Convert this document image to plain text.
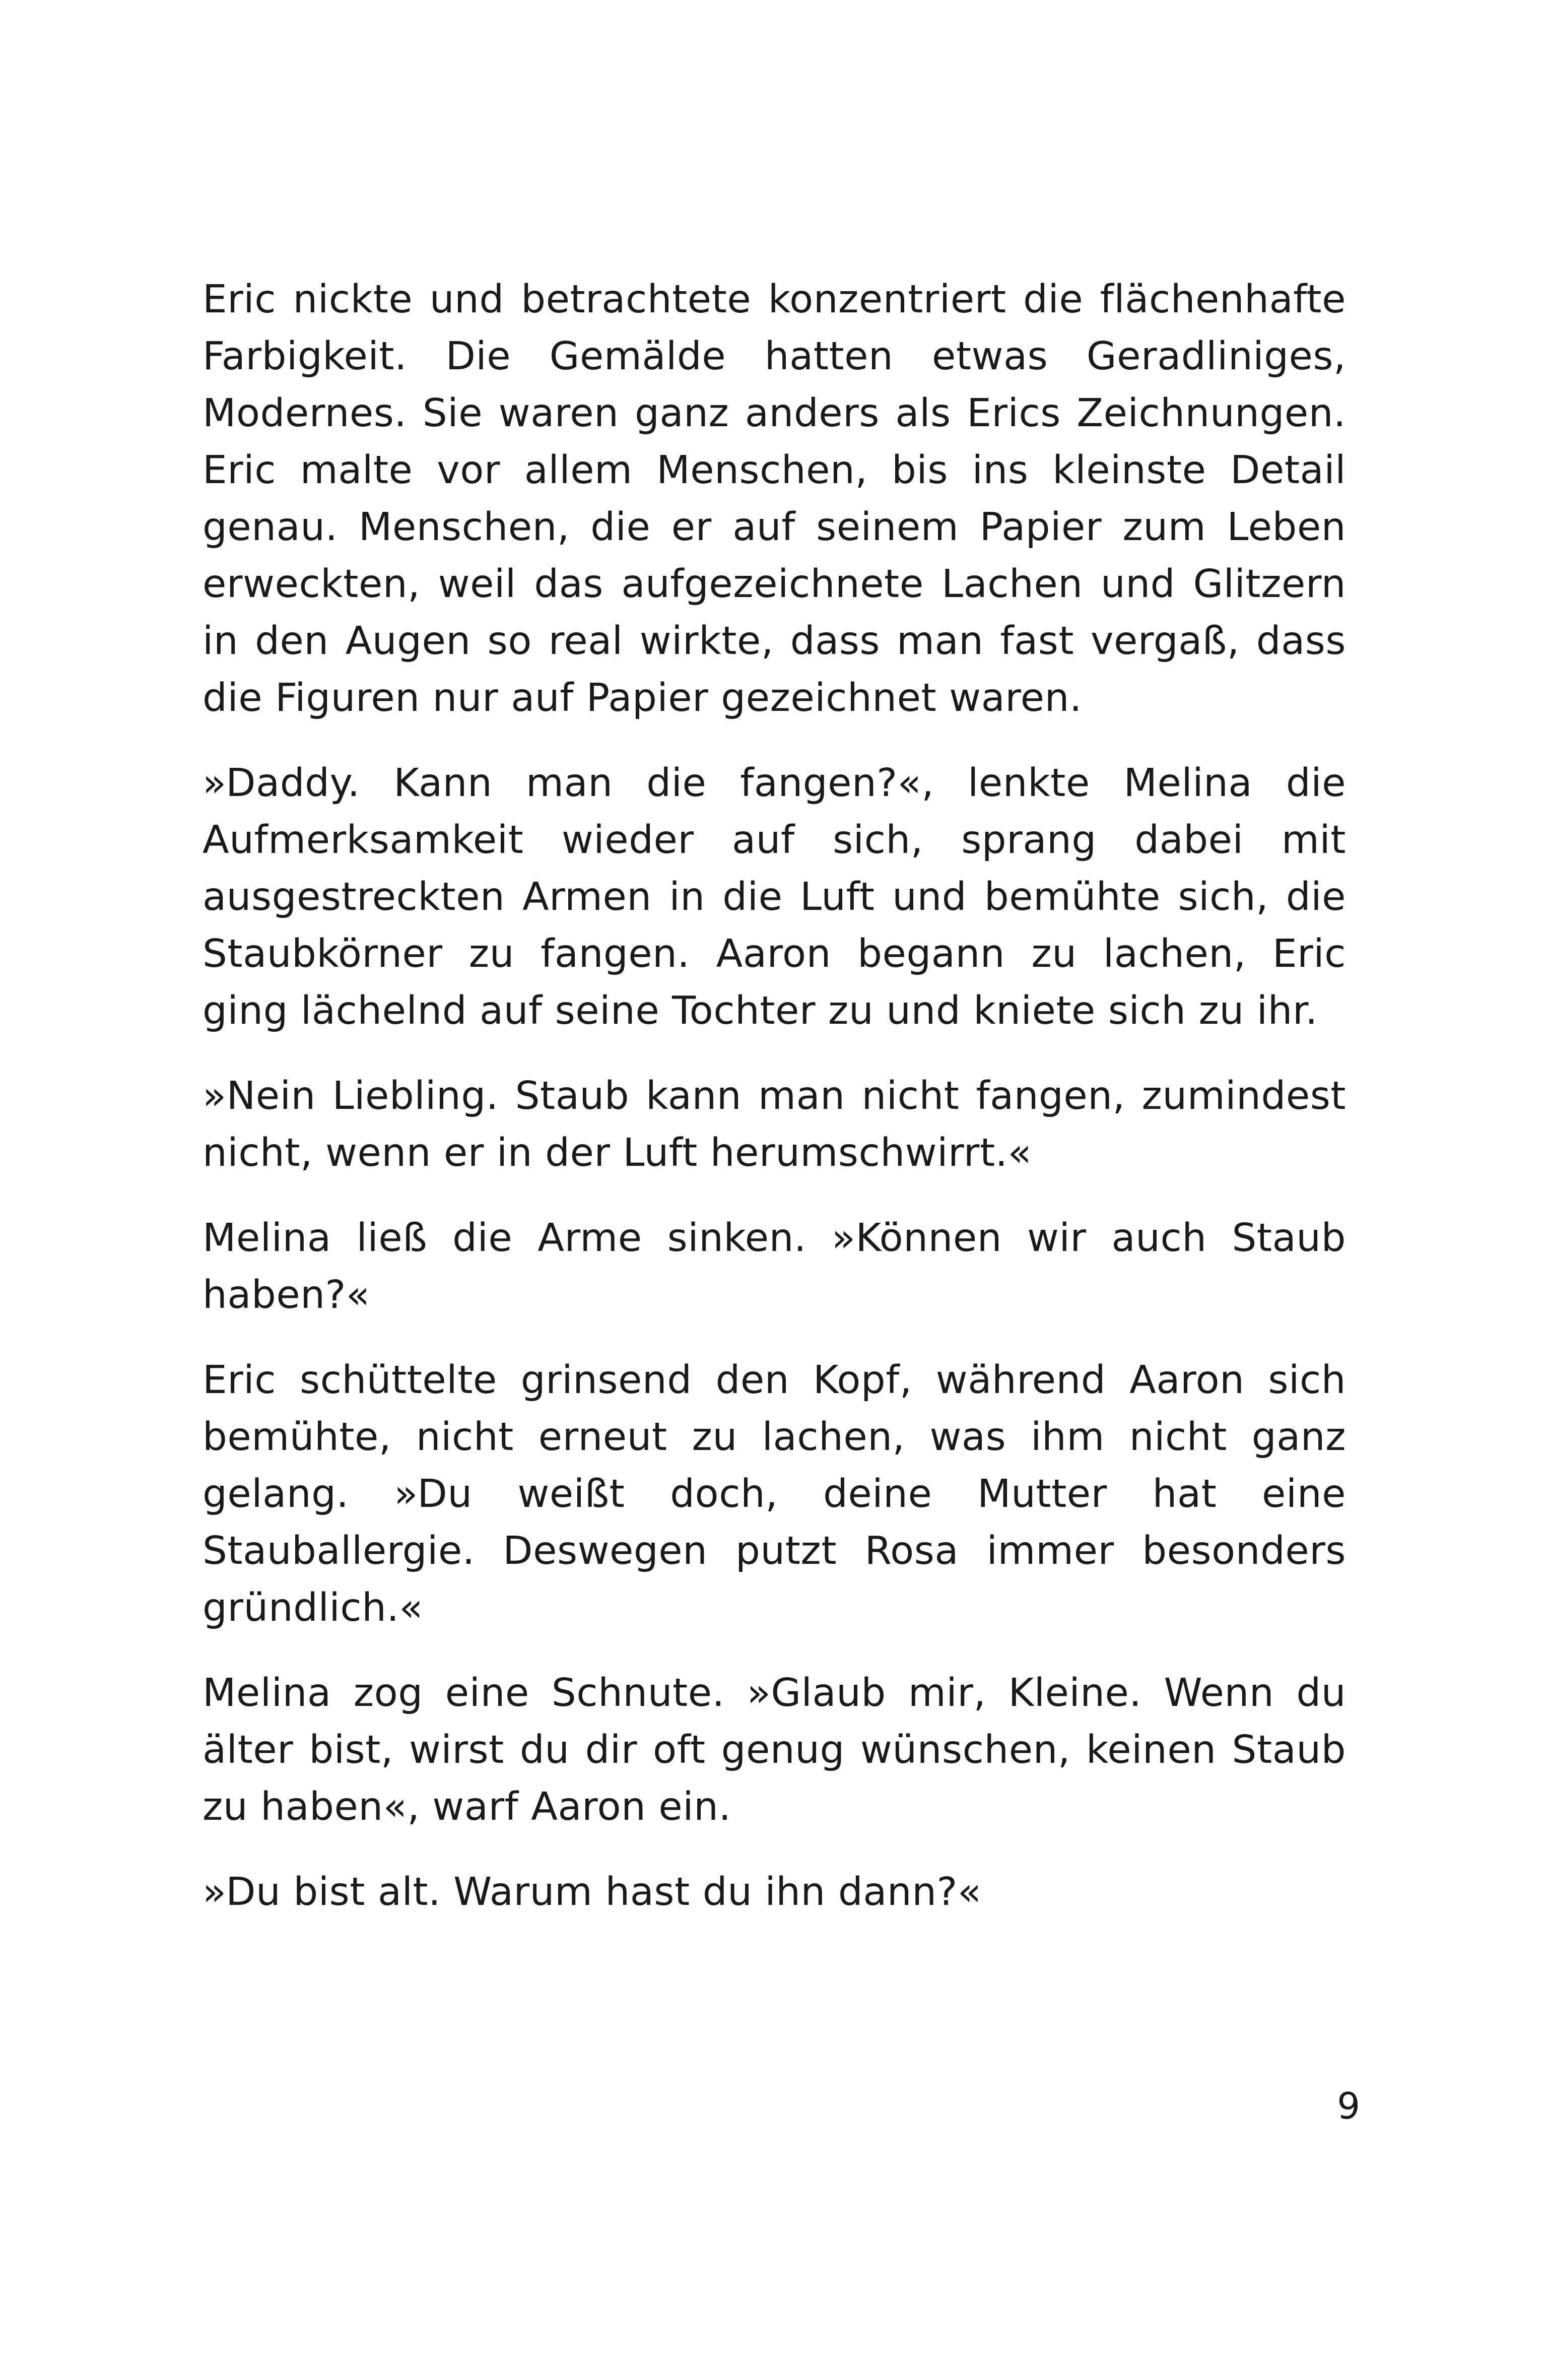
Eric nickte und betrachtete konzentriert die flächenhafte Farbigkeit. Die Gemälde hatten etwas Geradliniges, Modernes. Sie waren ganz anders als Erics Zeichnungen. Eric malte vor allem Menschen, bis ins kleinste Detail genau. Menschen, die er auf seinem Papier zum Leben erweckten, weil das aufgezeichnete Lachen und Glitzern in den Augen so real wirkte, dass man fast vergaß, dass die Figuren nur auf Papier gezeichnet waren.

»Daddy. Kann man die fangen?«, lenkte Melina die Aufmerksamkeit wieder auf sich, sprang dabei mit ausgestreckten Armen in die Luft und bemühte sich, die Staubkörner zu fangen. Aaron begann zu lachen, Eric ging lächelnd auf seine Tochter zu und kniete sich zu ihr.

»Nein Liebling. Staub kann man nicht fangen, zumindest nicht, wenn er in der Luft herumschwirrt.«

Melina ließ die Arme sinken. »Können wir auch Staub haben?«

Eric schüttelte grinsend den Kopf, während Aaron sich bemühte, nicht erneut zu lachen, was ihm nicht ganz gelang. »Du weißt doch, deine Mutter hat eine Stauballergie. Deswegen putzt Rosa immer besonders gründlich.«

Melina zog eine Schnute. »Glaub mir, Kleine. Wenn du älter bist, wirst du dir oft genug wünschen, keinen Staub zu haben«, warf Aaron ein.

»Du bist alt. Warum hast du ihn dann?«

9
